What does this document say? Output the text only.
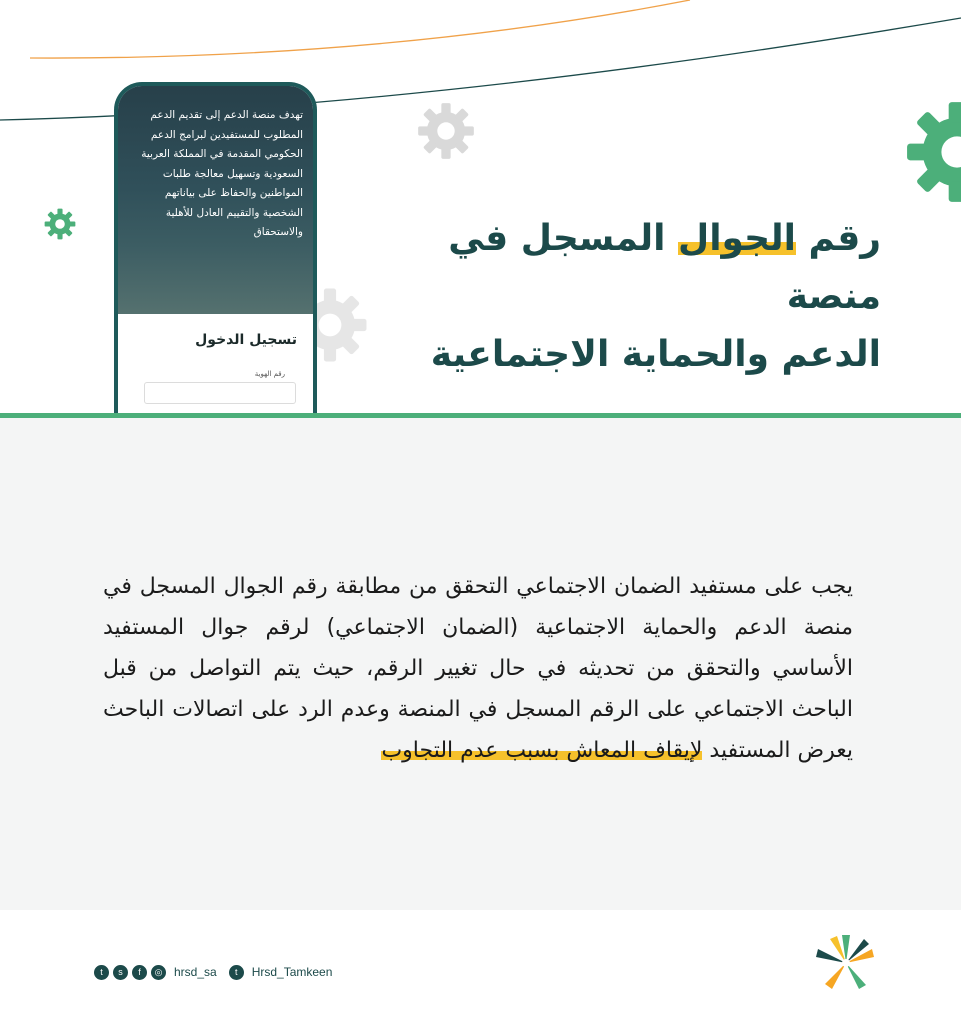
تهدف منصة الدعم إلى تقديم الدعم المطلوب للمستفيدين لبرامج الدعم الحكومي المقدمة في المملكة العربية السعودية وتسهيل معالجة طلبات المواطنين والحفاظ على بياناتهم الشخصية والتقييم العادل للأهلية والاستحقاق
تسجيل الدخول
رقم الهوية
رقم الجوال المسجل في منصة
الدعم والحماية الاجتماعية
يجب على مستفيد الضمان الاجتماعي التحقق من مطابقة رقم الجوال المسجل في منصة الدعم والحماية الاجتماعية (الضمان الاجتماعي) لرقم جوال المستفيد الأساسي والتحقق من تحديثه في حال تغيير الرقم، حيث يتم التواصل من قبل الباحث الاجتماعي على الرقم المسجل في المنصة وعدم الرد على اتصالات الباحث يعرض المستفيد لإيقاف المعاش بسبب عدم التجاوب
t	s	f	◎ hrsd_sa	t	Hrsd_Tamkeen
